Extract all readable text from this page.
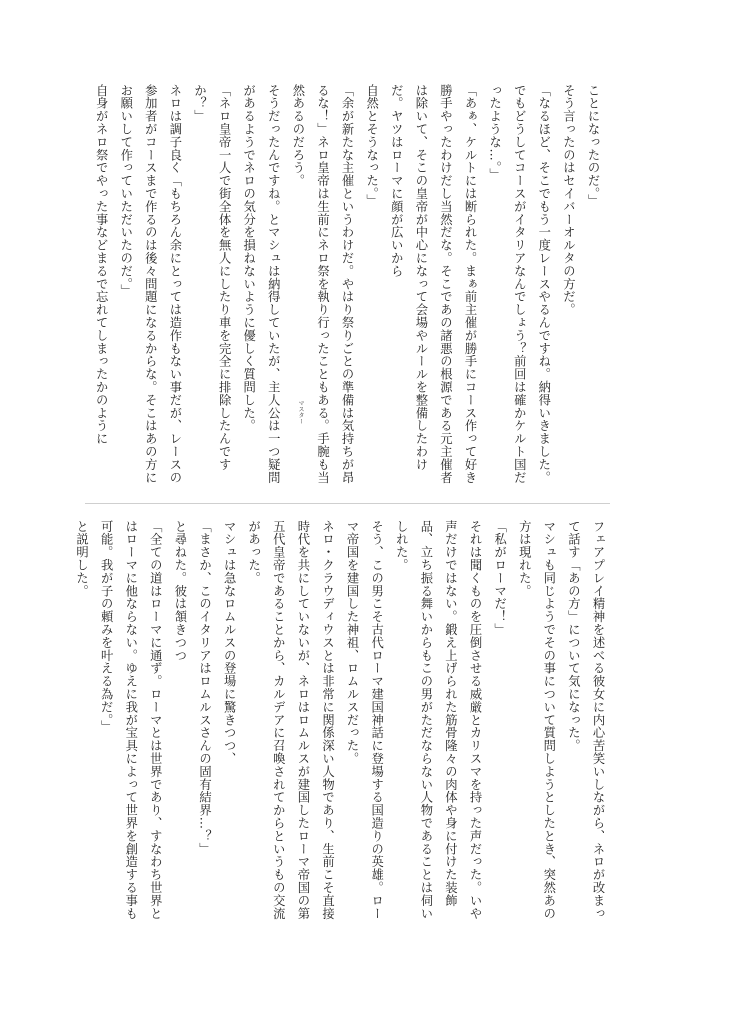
ことになったのだ。」
そう言ったのはセイバーオルタの方だ。
「なるほど、そこでもう一度レースやるんですね。納得いきました。でもどうしてコースがイタリアなんでしょう？前回は確かケルト国だったような…。」
「あぁ、ケルトには断られた。まぁ前主催が勝手にコース作って好き勝手やったわけだし当然だな。そこであの諸悪の根源である元主催者は除いて、そこの皇帝が中心になって会場やルールを整備したわけだ。ヤツはローマに顔が広いから
自然とそうなった。」
「余が新たな主催というわけだ。やはり祭りごとの準備は気持ちが昂るな！」ネロ皇帝は生前にネロ祭を執り行ったこともある。手腕も当然あるのだろう。
そうだったんですね。とマシュは納得していたが、主人公は一つ疑問があるようでネロの気分を損ねないように優しく質問した。
「ネロ皇帝一人で街全体を無人にしたり車を完全に排除したんですか？」
ネロは調子良く「もちろん余にとっては造作もない事だが、レースの参加者がコースまで作るのは後々問題になるからな。そこはあの方にお願いして作っていただいたのだ。」
自身がネロ祭でやった事などまるで忘れてしまったかのように	マスター
フェアプレイ精神を述べる彼女に内心苦笑いしながら、ネロが改まって話す「あの方」について気になった。
マシュも同じようでその事について質問しようとしたとき、突然あの方は現れた。
「私がローマだ！」
それは聞くものを圧倒させる威厳とカリスマを持った声だった。いや声だけではない。鍛え上げられた筋骨隆々の肉体や身に付けた装飾品、立ち振る舞いからもこの男がただならない人物であることは伺いしれた。
そう、この男こそ古代ローマ建国神話に登場する国造りの英雄。ローマ帝国を建国した神祖、ロムルスだった。
ネロ・クラウディウスとは非常に関係深い人物であり、生前こそ直接時代を共にしていないが、ネロはロムルスが建国したローマ帝国の第五代皇帝であることから、カルデアに召喚されてからというもの交流があった。
マシュは急なロムルスの登場に驚きつつ、
「まさか、このイタリアはロムルスさんの固有結界…？」
と尋ねた。彼は頷きつつ
「全ての道はローマに通ず。ローマとは世界であり、すなわち世界とはローマに他ならない。ゆえに我が宝具によって世界を創造する事も可能。我が子の頼みを叶える為だ。」
と説明した。
